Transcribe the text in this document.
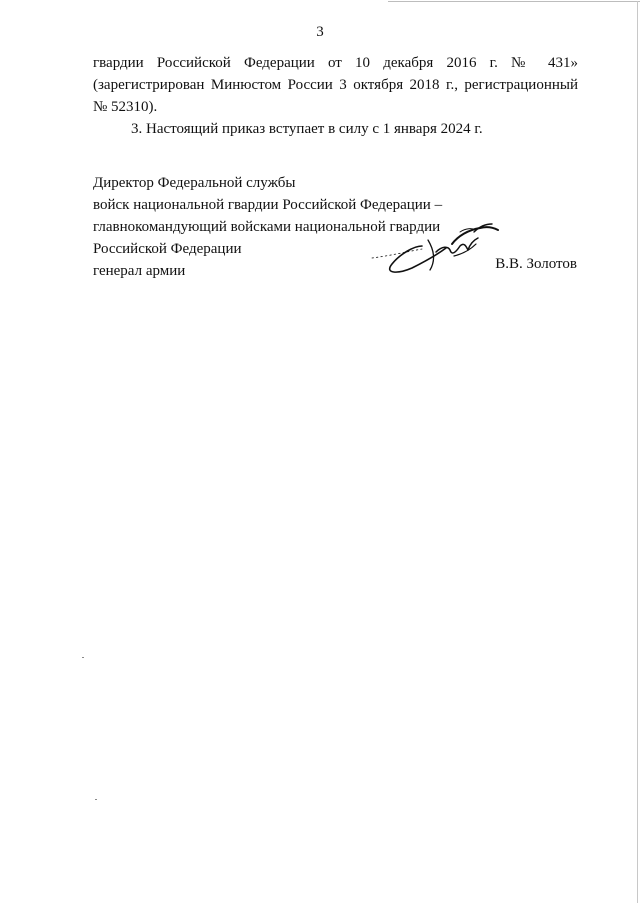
3

гвардии Российской Федерации от 10 декабря 2016 г. № 431»

(зарегистрирован Минюстом России 3 октября 2018 г., регистрационный

№ 52310).

3. Настоящий приказ вступает в силу с 1 января 2024 г.

Директор Федеральной службы
войск национальной гвардии Российской Федерации –
главнокомандующий войсками национальной гвардии
Российской Федерации
генерал армии	В.В. Золотов
